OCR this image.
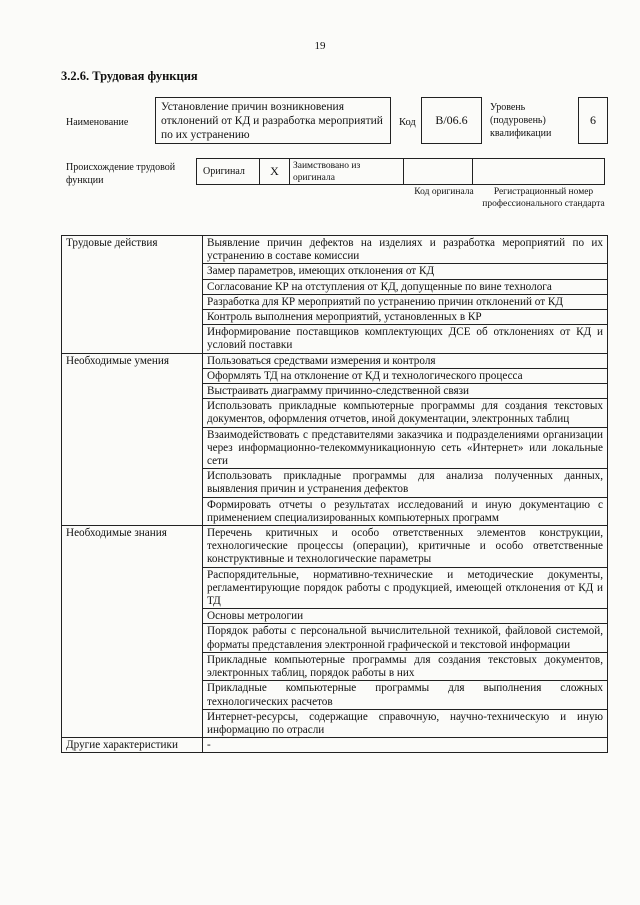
19
3.2.6. Трудовая функция
Наименование
Установление причин возникновения отклонений от КД и разработка мероприятий по их устранению
Код	B/06.6
Уровень (подуровень) квалификации
6
Происхождение трудовой функции
Оригинал	X	Заимствовано из оригинала
Код оригинала	Регистрационный номер профессионального стандарта
Трудовые действия	Выявление причин дефектов на изделиях и разработка мероприятий по их устранению в составе комиссии
	Замер параметров, имеющих отклонения от КД
	Согласование КР на отступления от КД, допущенные по вине технолога
	Разработка для КР мероприятий по устранению причин отклонений от КД
	Контроль выполнения мероприятий, установленных в КР
	Информирование поставщиков комплектующих ДСЕ об отклонениях от КД и условий поставки
Необходимые умения	Пользоваться средствами измерения и контроля
	Оформлять ТД на отклонение от КД и технологического процесса
	Выстраивать диаграмму причинно-следственной связи
	Использовать прикладные компьютерные программы для создания текстовых документов, оформления отчетов, иной документации, электронных таблиц
	Взаимодействовать с представителями заказчика и подразделениями организации через информационно-телекоммуникационную сеть «Интернет» или локальные сети
	Использовать прикладные программы для анализа полученных данных, выявления причин и устранения дефектов
	Формировать отчеты о результатах исследований и иную документацию с применением специализированных компьютерных программ
Необходимые знания	Перечень критичных и особо ответственных элементов конструкции, технологические процессы (операции), критичные и особо ответственные конструктивные и технологические параметры
	Распорядительные, нормативно-технические и методические документы, регламентирующие порядок работы с продукцией, имеющей отклонения от КД и ТД
	Основы метрологии
	Порядок работы с персональной вычислительной техникой, файловой системой, форматы представления электронной графической и текстовой информации
	Прикладные компьютерные программы для создания текстовых документов, электронных таблиц, порядок работы в них
	Прикладные компьютерные программы для выполнения сложных технологических расчетов
	Интернет-ресурсы, содержащие справочную, научно-техническую и иную информацию по отрасли
Другие характеристики	-
